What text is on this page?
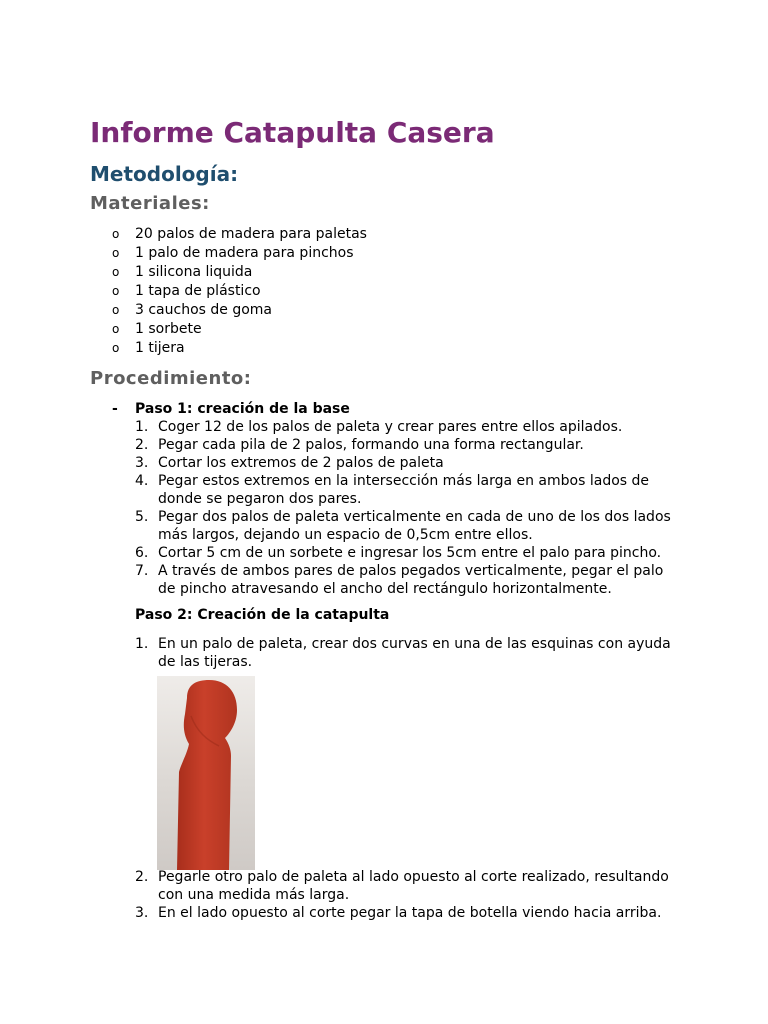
Informe Catapulta Casera
Metodología:
Materiales:
o 20 palos de madera para paletas
o 1 palo de madera para pinchos
o 1 silicona liquida
o 1 tapa de plástico
o 3 cauchos de goma
o 1 sorbete
o 1 tijera
Procedimiento:
- Paso 1: creación de la base
1. Coger 12 de los palos de paleta y crear pares entre ellos apilados.
2. Pegar cada pila de 2 palos, formando una forma rectangular.
3. Cortar los extremos de 2 palos de paleta
4. Pegar estos extremos en la intersección más larga en ambos lados de donde se pegaron dos pares.
5. Pegar dos palos de paleta verticalmente en cada de uno de los dos lados más largos, dejando un espacio de 0,5cm entre ellos.
6. Cortar 5 cm de un sorbete e ingresar los 5cm entre el palo para pincho.
7. A través de ambos pares de palos pegados verticalmente, pegar el palo de pincho atravesando el ancho del rectángulo horizontalmente.
Paso 2: Creación de la catapulta
1. En un palo de paleta, crear dos curvas en una de las esquinas con ayuda de las tijeras.
2. Pegarle otro palo de paleta al lado opuesto al corte realizado, resultando con una medida más larga.
3. En el lado opuesto al corte pegar la tapa de botella viendo hacia arriba.
